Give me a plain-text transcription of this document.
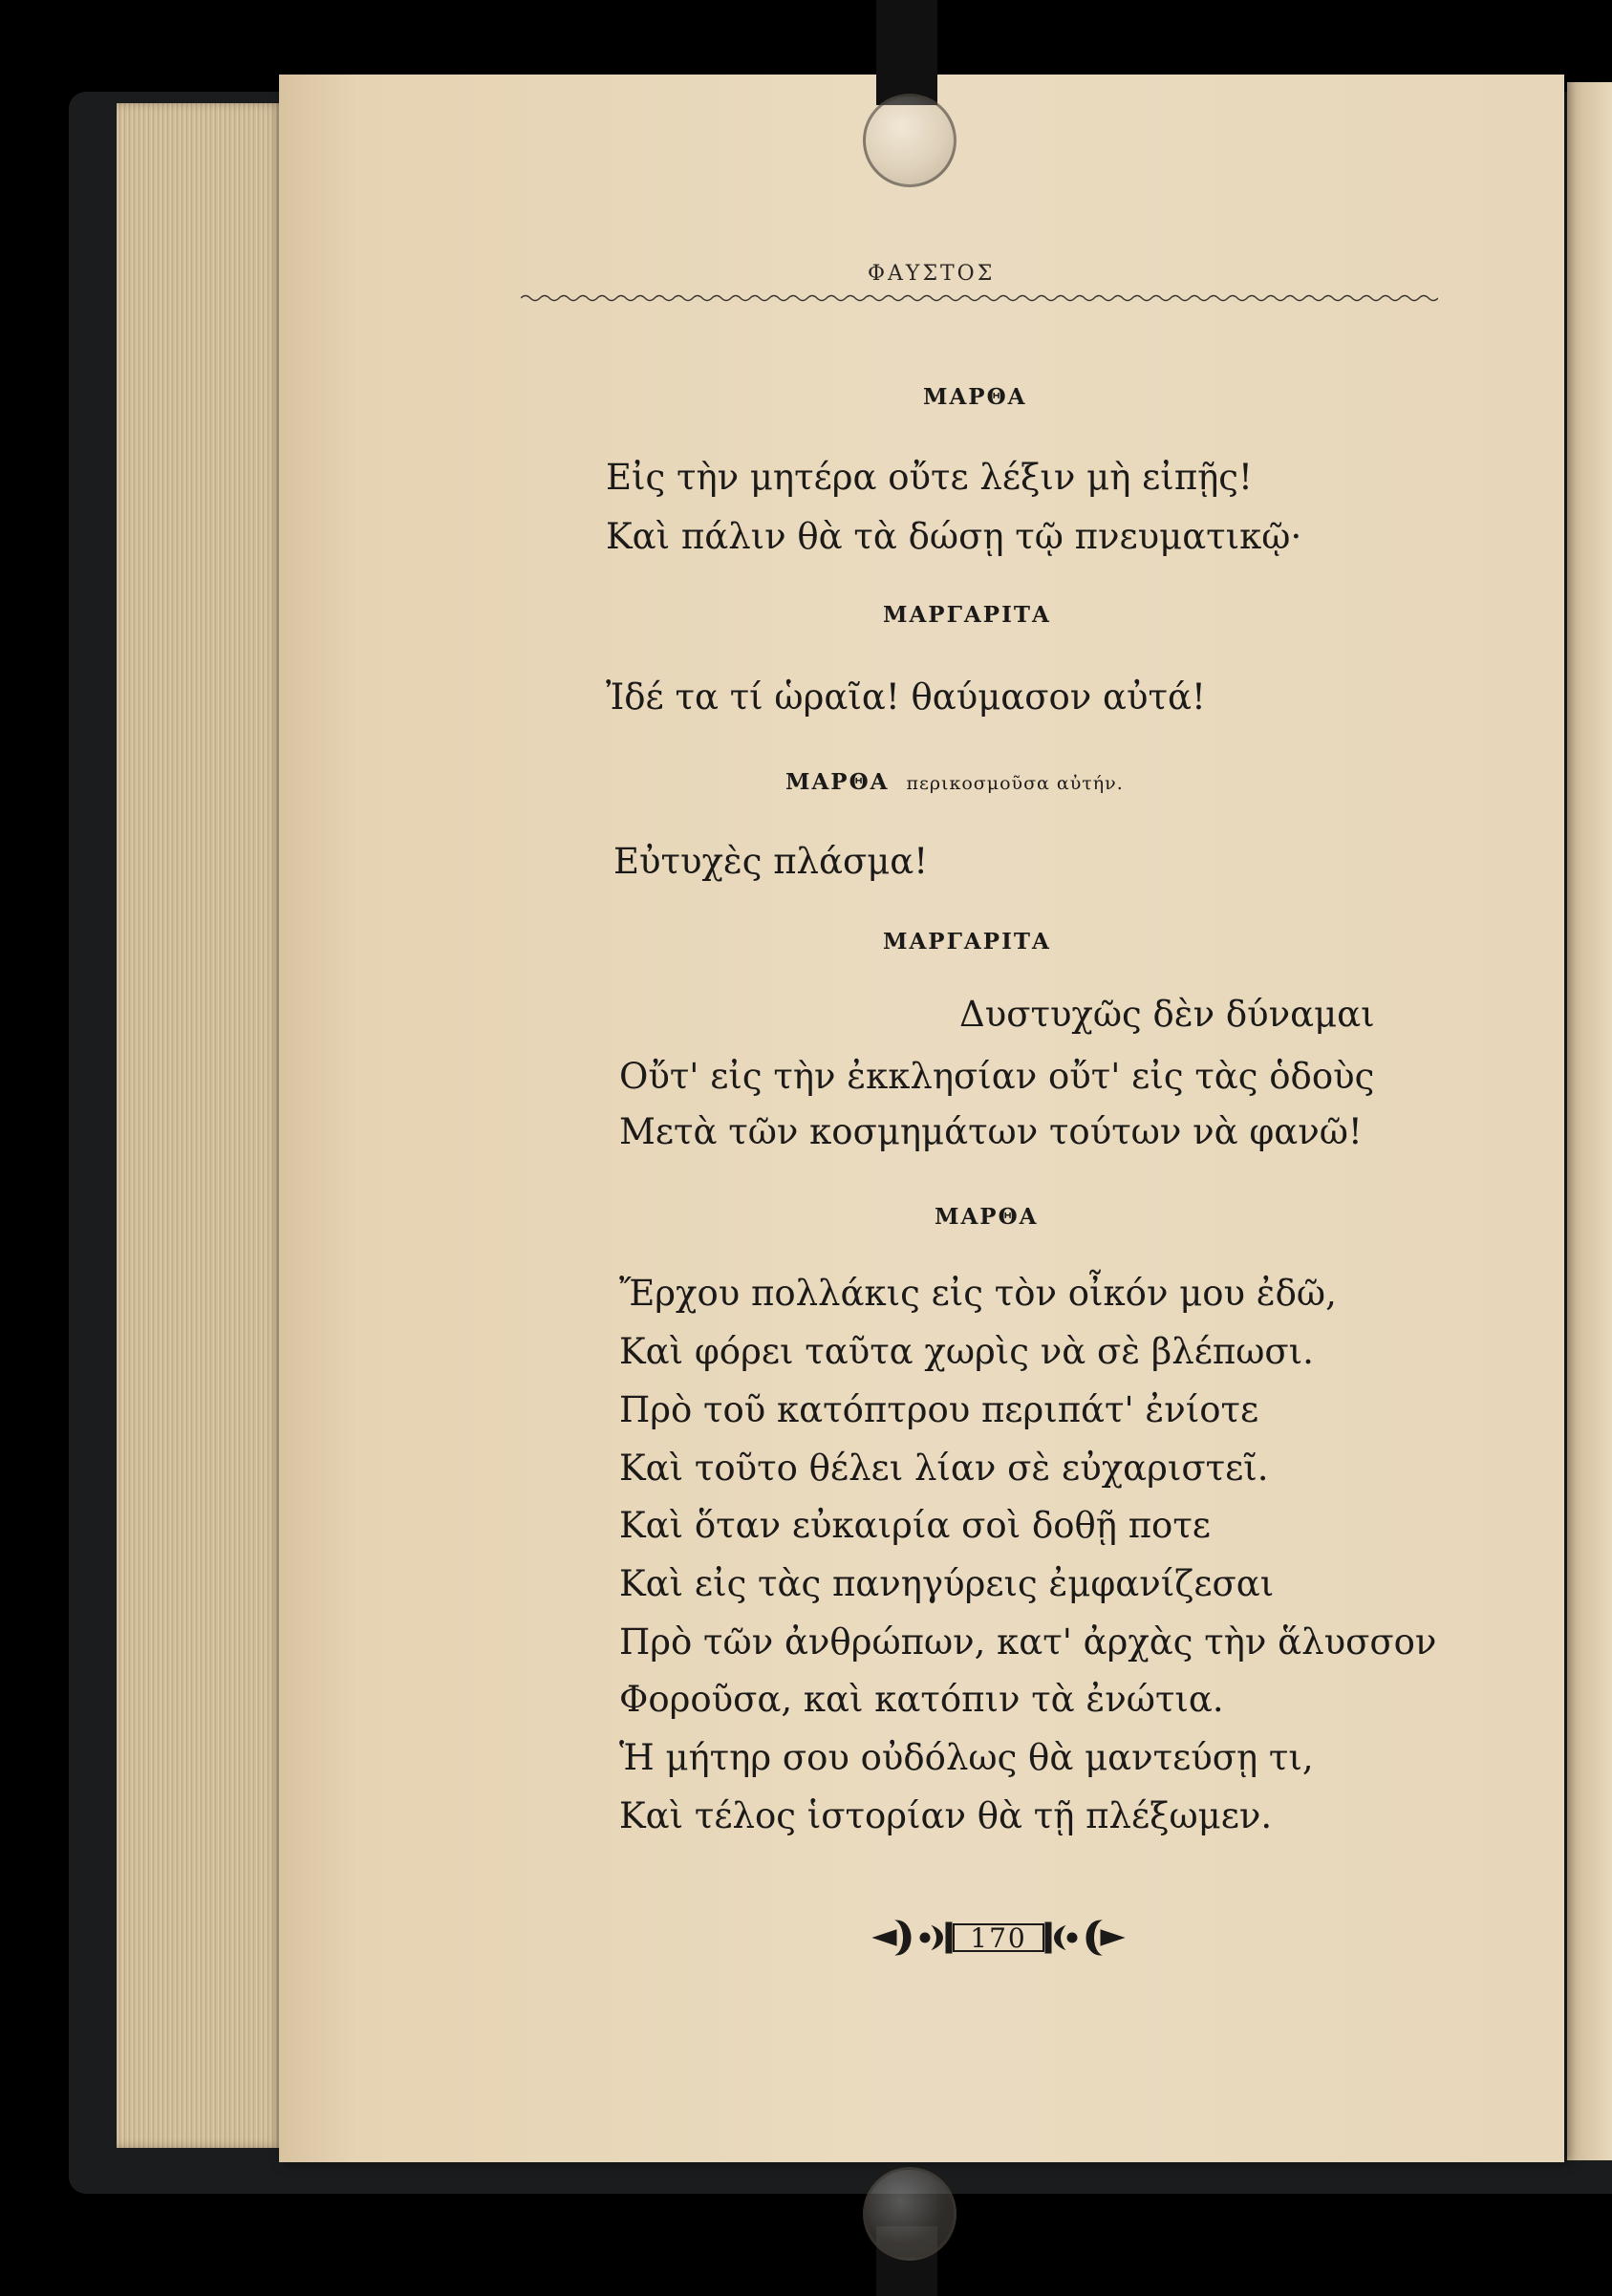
ΦΑΥΣΤΟΣ
ΜΑΡΘΑ
Εἰς τὴν μητέρα οὔτε λέξιν μὴ εἰπῇς!
Καὶ πάλιν θὰ τὰ δώσῃ τῷ πνευματικῷ·
ΜΑΡΓΑΡΙΤΑ
Ἰδέ τα τί ὡραῖα! θαύμασον αὐτά!
ΜΑΡΘΑ περικοσμοῦσα αὐτήν.
Εὐτυχὲς πλάσμα!
ΜΑΡΓΑΡΙΤΑ
Δυστυχῶς δὲν δύναμαι
Οὔτ' εἰς τὴν ἐκκλησίαν οὔτ' εἰς τὰς ὁδοὺς
Μετὰ τῶν κοσμημάτων τούτων νὰ φανῶ!
ΜΑΡΘΑ
Ἔρχου πολλάκις εἰς τὸν οἶκόν μου ἐδῶ,
Καὶ φόρει ταῦτα χωρὶς νὰ σὲ βλέπωσι.
Πρὸ τοῦ κατόπτρου περιπάτ' ἐνίοτε
Καὶ τοῦτο θέλει λίαν σὲ εὐχαριστεῖ.
Καὶ ὅταν εὐκαιρία σοὶ δοθῇ ποτε
Καὶ εἰς τὰς πανηγύρεις ἐμφανίζεσαι
Πρὸ τῶν ἀνθρώπων, κατ' ἀρχὰς τὴν ἅλυσσον
Φοροῦσα, καὶ κατόπιν τὰ ἐνώτια.
Ἡ μήτηρ σου οὐδόλως θὰ μαντεύσῃ τι,
Καὶ τέλος ἱστορίαν θὰ τῇ πλέξωμεν.
170
